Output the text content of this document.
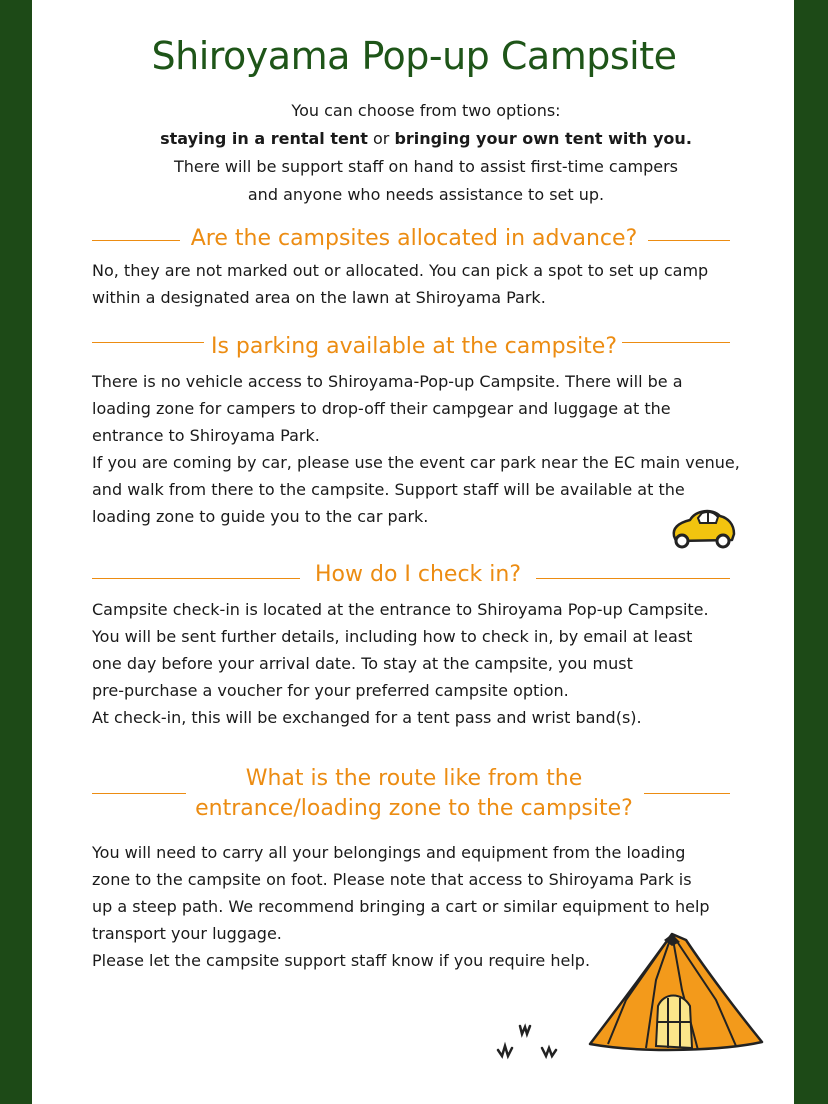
Shiroyama Pop-up Campsite
You can choose from two options:
staying in a rental tent or bringing your own tent with you.
There will be support staff on hand to assist first-time campers
and anyone who needs assistance to set up.
Are the campsites allocated in advance?

No, they are not marked out or allocated. You can pick a spot to set up camp

within a designated area on the lawn at Shiroyama Park.

Is parking available at the campsite?

There is no vehicle access to Shiroyama-Pop-up Campsite. There will be a

loading zone for campers to drop-off their campgear and luggage at the

entrance to Shiroyama Park.

If you are coming by car, please use the event car park near the EC main venue,

and walk from there to the campsite. Support staff will be available at the

loading zone to guide you to the car park.

How do I check in?

Campsite check-in is located at the entrance to Shiroyama Pop-up Campsite.

You will be sent further details, including how to check in, by email at least

one day before your arrival date. To stay at the campsite, you must

pre-purchase a voucher for your preferred campsite option.

At check-in, this will be exchanged for a tent pass and wrist band(s).

What is the route like from the
entrance/loading zone to the campsite?

You will need to carry all your belongings and equipment from the loading

zone to the campsite on foot. Please note that access to Shiroyama Park is

up a steep path. We recommend bringing a cart or similar equipment to help

transport your luggage.

Please let the campsite support staff know if you require help.
